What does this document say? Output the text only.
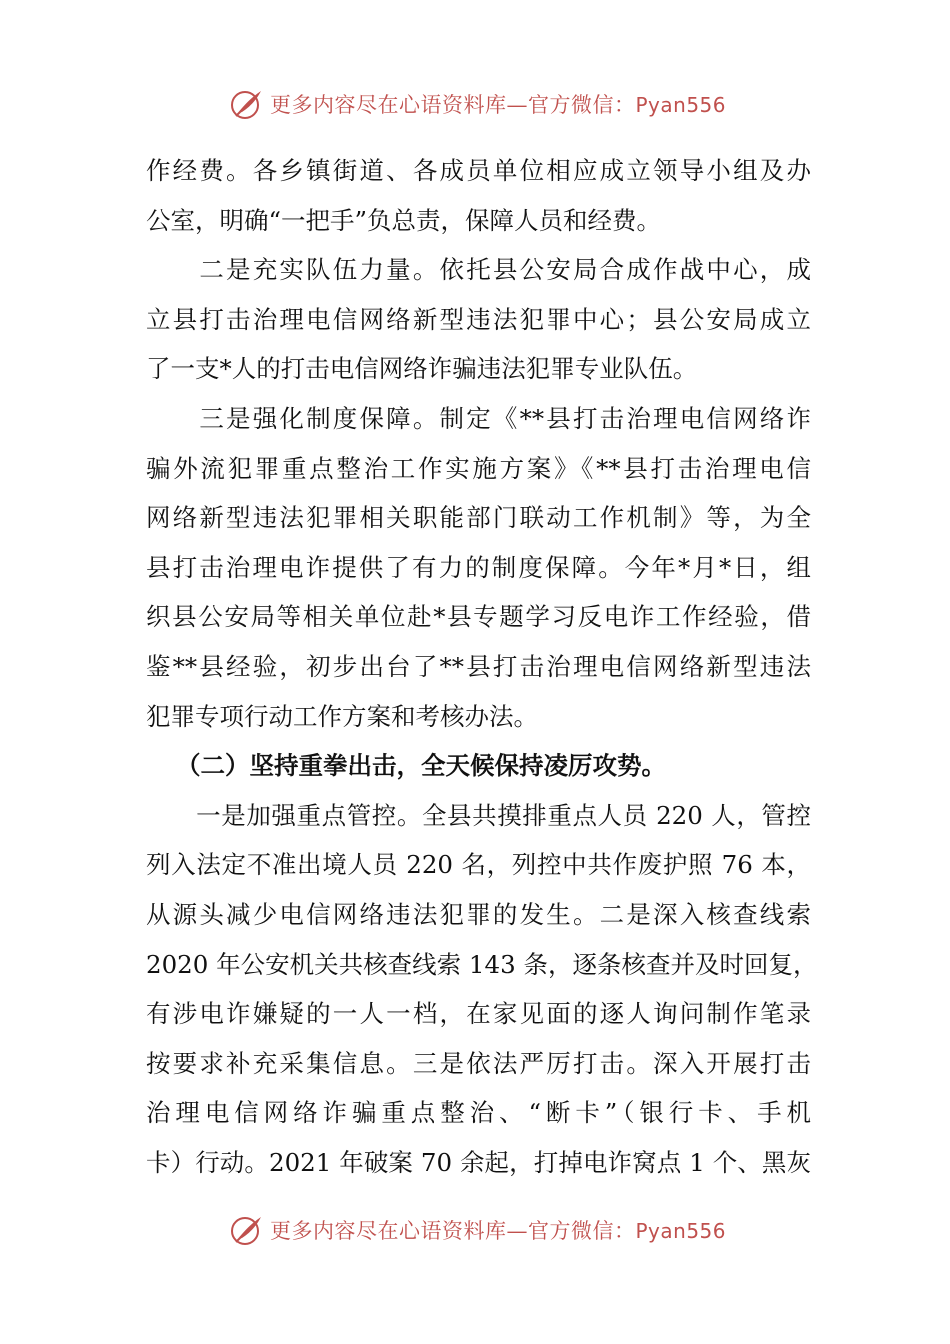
更多内容尽在心语资料库—官方微信：Pyan556
作经费。各乡镇街道、各成员单位相应成立领导小组及办
公室，明确“一把手”负总责，保障人员和经费。
　　二是充实队伍力量。依托县公安局合成作战中心，成
立县打击治理电信网络新型违法犯罪中心；县公安局成立
了一支*人的打击电信网络诈骗违法犯罪专业队伍。
　　三是强化制度保障。制定《**县打击治理电信网络诈
骗外流犯罪重点整治工作实施方案》《**县打击治理电信
网络新型违法犯罪相关职能部门联动工作机制》等，为全
县打击治理电诈提供了有力的制度保障。今年*月*日，组
织县公安局等相关单位赴*县专题学习反电诈工作经验，借
鉴**县经验，初步出台了**县打击治理电信网络新型违法
犯罪专项行动工作方案和考核办法。
（二）坚持重拳出击，全天候保持凌厉攻势。
　　一是加强重点管控。全县共摸排重点人员 220 人，管控
列入法定不准出境人员 220 名，列控中共作废护照 76 本，
从源头减少电信网络违法犯罪的发生。二是深入核查线索
2020 年公安机关共核查线索 143 条，逐条核查并及时回复，
有涉电诈嫌疑的一人一档，在家见面的逐人询问制作笔录
按要求补充采集信息。三是依法严厉打击。深入开展打击
治理电信网络诈骗重点整治、“断卡”（银行卡、手机
卡）行动。2021 年破案 70 余起，打掉电诈窝点 1 个、黑灰
更多内容尽在心语资料库—官方微信：Pyan556
